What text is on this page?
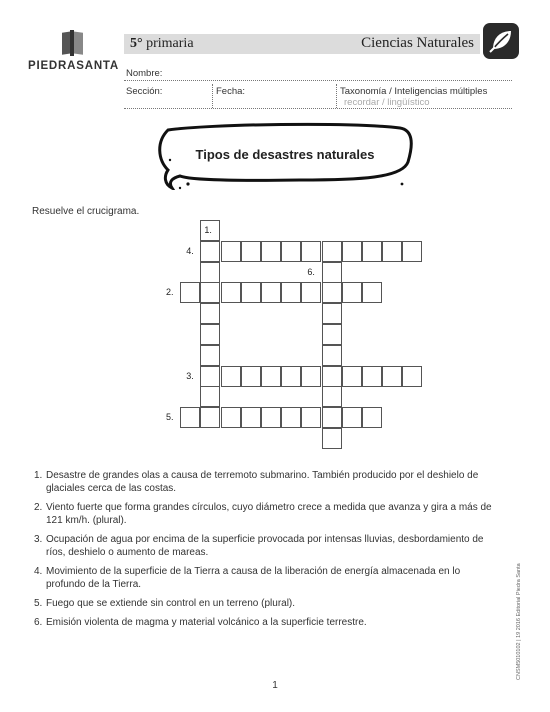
PIEDRASANTA
5° primaria	Ciencias Naturales
Nombre:
Sección:	Fecha:	Taxonomía / Inteligencias múltiples
recordar / lingüístico
Tipos de desastres naturales
Resuelve el crucigrama.
1.
4.
6.
2.
3.
5.
1. Desastre de grandes olas a causa de terremoto submarino. También producido por el deshielo de glaciales cerca de las costas.
2. Viento fuerte que forma grandes círculos, cuyo diámetro crece a medida que avanza y gira a más de 121 km/h. (plural).
3. Ocupación de agua por encima de la superficie provocada por intensas lluvias, desbordamiento de ríos, deshielo o aumento de mareas.
4. Movimiento de la superficie de la Tierra a causa de la liberación de energía almacenada en lo profundo de la Tierra.
5. Fuego que se extiende sin control en un terreno (plural).
6. Emisión violenta de magma y material volcánico a la superficie terrestre.	CNSM5010102 | 19 2016 Editorial Piedra Santa
1
